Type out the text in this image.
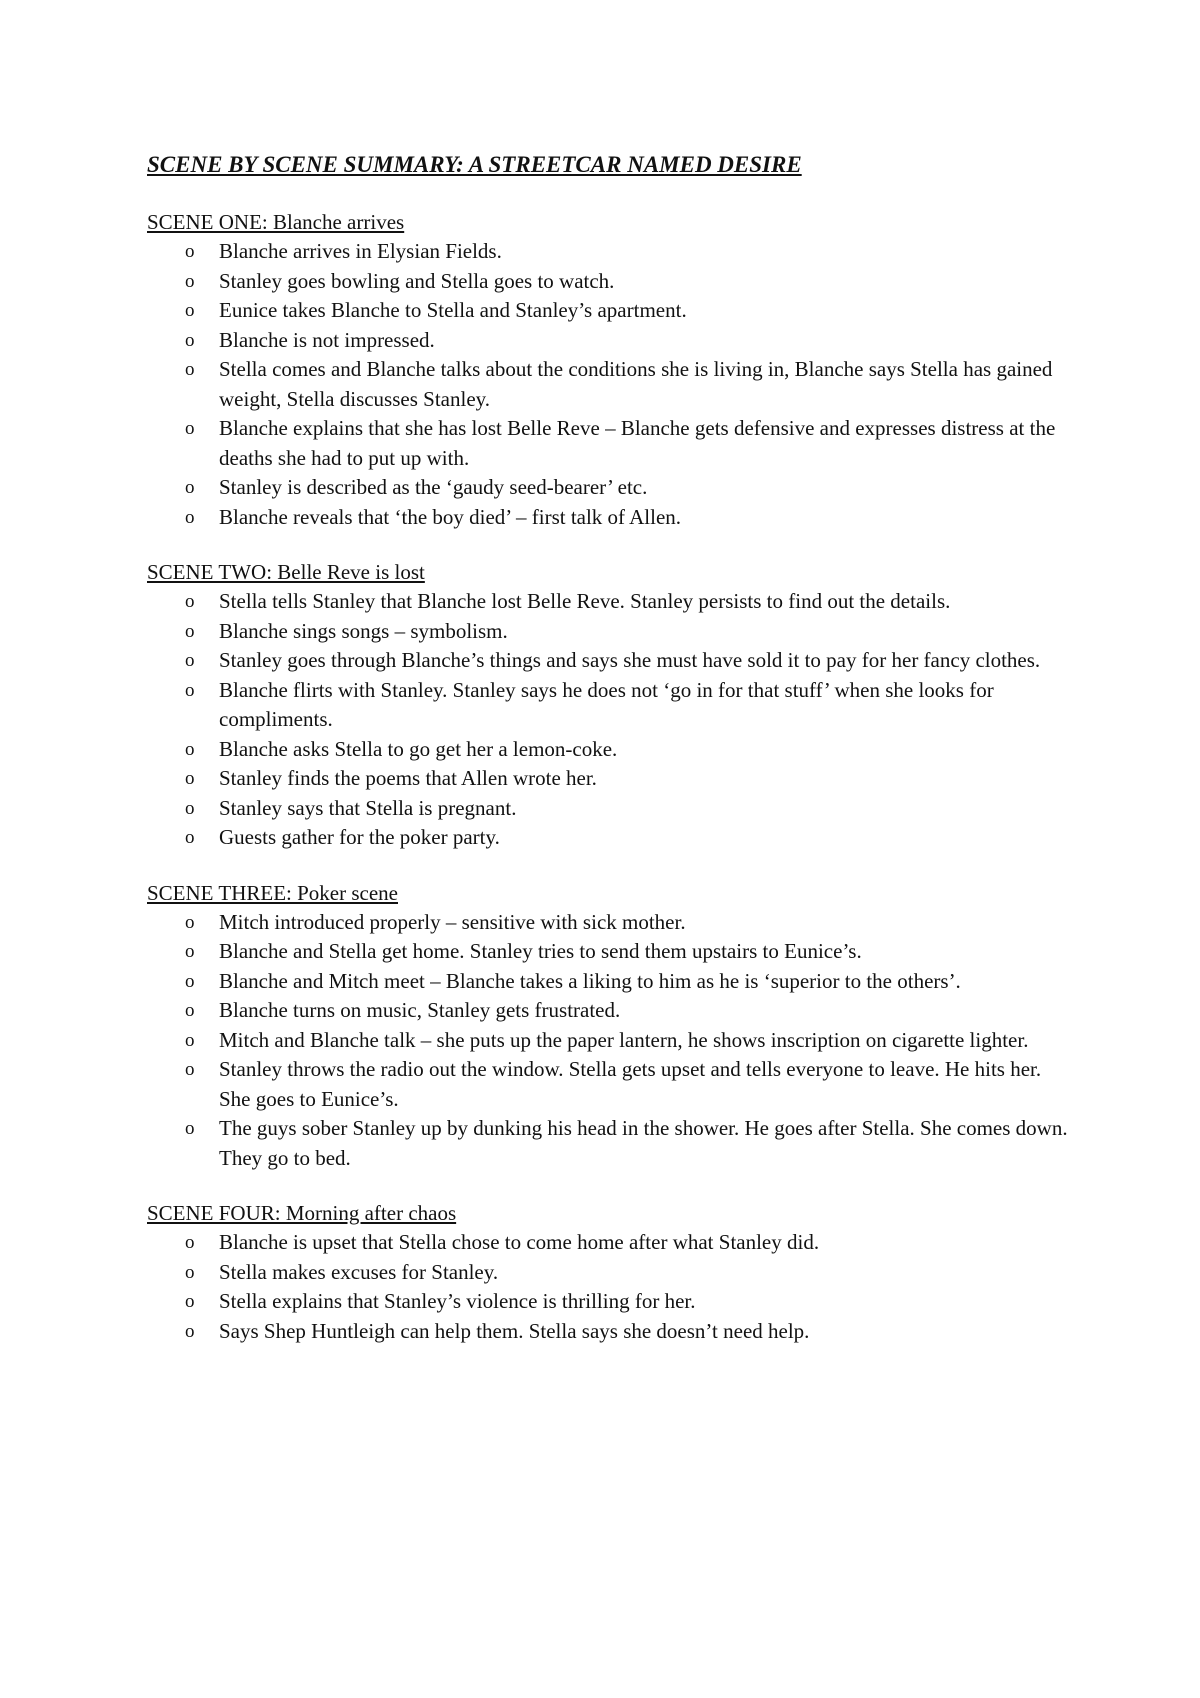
SCENE BY SCENE SUMMARY: A STREETCAR NAMED DESIRE
SCENE ONE: Blanche arrives
o Blanche arrives in Elysian Fields.
o Stanley goes bowling and Stella goes to watch.
o Eunice takes Blanche to Stella and Stanley’s apartment.
o Blanche is not impressed.
o Stella comes and Blanche talks about the conditions she is living in, Blanche says Stella has gained weight, Stella discusses Stanley.
o Blanche explains that she has lost Belle Reve – Blanche gets defensive and expresses distress at the deaths she had to put up with.
o Stanley is described as the ‘gaudy seed-bearer’ etc.
o Blanche reveals that ‘the boy died’ – first talk of Allen.
SCENE TWO: Belle Reve is lost
o Stella tells Stanley that Blanche lost Belle Reve. Stanley persists to find out the details.
o Blanche sings songs – symbolism.
o Stanley goes through Blanche’s things and says she must have sold it to pay for her fancy clothes.
o Blanche flirts with Stanley. Stanley says he does not ‘go in for that stuff’ when she looks for compliments.
o Blanche asks Stella to go get her a lemon-coke.
o Stanley finds the poems that Allen wrote her.
o Stanley says that Stella is pregnant.
o Guests gather for the poker party.
SCENE THREE: Poker scene
o Mitch introduced properly – sensitive with sick mother.
o Blanche and Stella get home. Stanley tries to send them upstairs to Eunice’s.
o Blanche and Mitch meet – Blanche takes a liking to him as he is ‘superior to the others’.
o Blanche turns on music, Stanley gets frustrated.
o Mitch and Blanche talk – she puts up the paper lantern, he shows inscription on cigarette lighter.
o Stanley throws the radio out the window. Stella gets upset and tells everyone to leave. He hits her. She goes to Eunice’s.
o The guys sober Stanley up by dunking his head in the shower. He goes after Stella. She comes down. They go to bed.
SCENE FOUR: Morning after chaos
o Blanche is upset that Stella chose to come home after what Stanley did.
o Stella makes excuses for Stanley.
o Stella explains that Stanley’s violence is thrilling for her.
o Says Shep Huntleigh can help them. Stella says she doesn’t need help.
